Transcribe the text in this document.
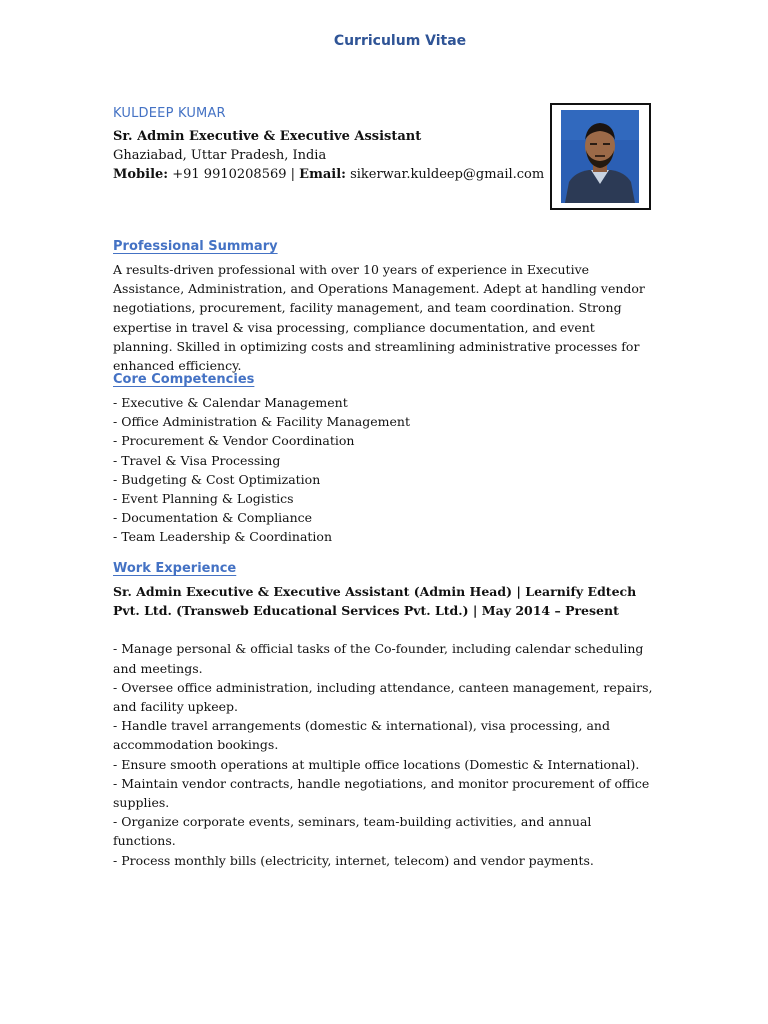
Curriculum Vitae
KULDEEP KUMAR
Sr. Admin Executive & Executive Assistant
Ghaziabad, Uttar Pradesh, India
Mobile: +91 9910208569 | Email: sikerwar.kuldeep@gmail.com
Professional Summary

A results-driven professional with over 10 years of experience in Executive Assistance, Administration, and Operations Management. Adept at handling vendor negotiations, procurement, facility management, and team coordination. Strong expertise in travel & visa processing, compliance documentation, and event planning. Skilled in optimizing costs and streamlining administrative processes for enhanced efficiency.

Core Competencies
- Executive & Calendar Management
- Office Administration & Facility Management
- Procurement & Vendor Coordination
- Travel & Visa Processing
- Budgeting & Cost Optimization
- Event Planning & Logistics
- Documentation & Compliance
- Team Leadership & Coordination
Work Experience

Sr. Admin Executive & Executive Assistant (Admin Head) | Learnify Edtech Pvt. Ltd. (Transweb Educational Services Pvt. Ltd.) | May 2014 – Present

- Manage personal & official tasks of the Co-founder, including calendar scheduling and meetings.
- Oversee office administration, including attendance, canteen management, repairs, and facility upkeep.
- Handle travel arrangements (domestic & international), visa processing, and accommodation bookings.
- Ensure smooth operations at multiple office locations (Domestic & International).
- Maintain vendor contracts, handle negotiations, and monitor procurement of office supplies.
- Organize corporate events, seminars, team-building activities, and annual functions.
- Process monthly bills (electricity, internet, telecom) and vendor payments.
